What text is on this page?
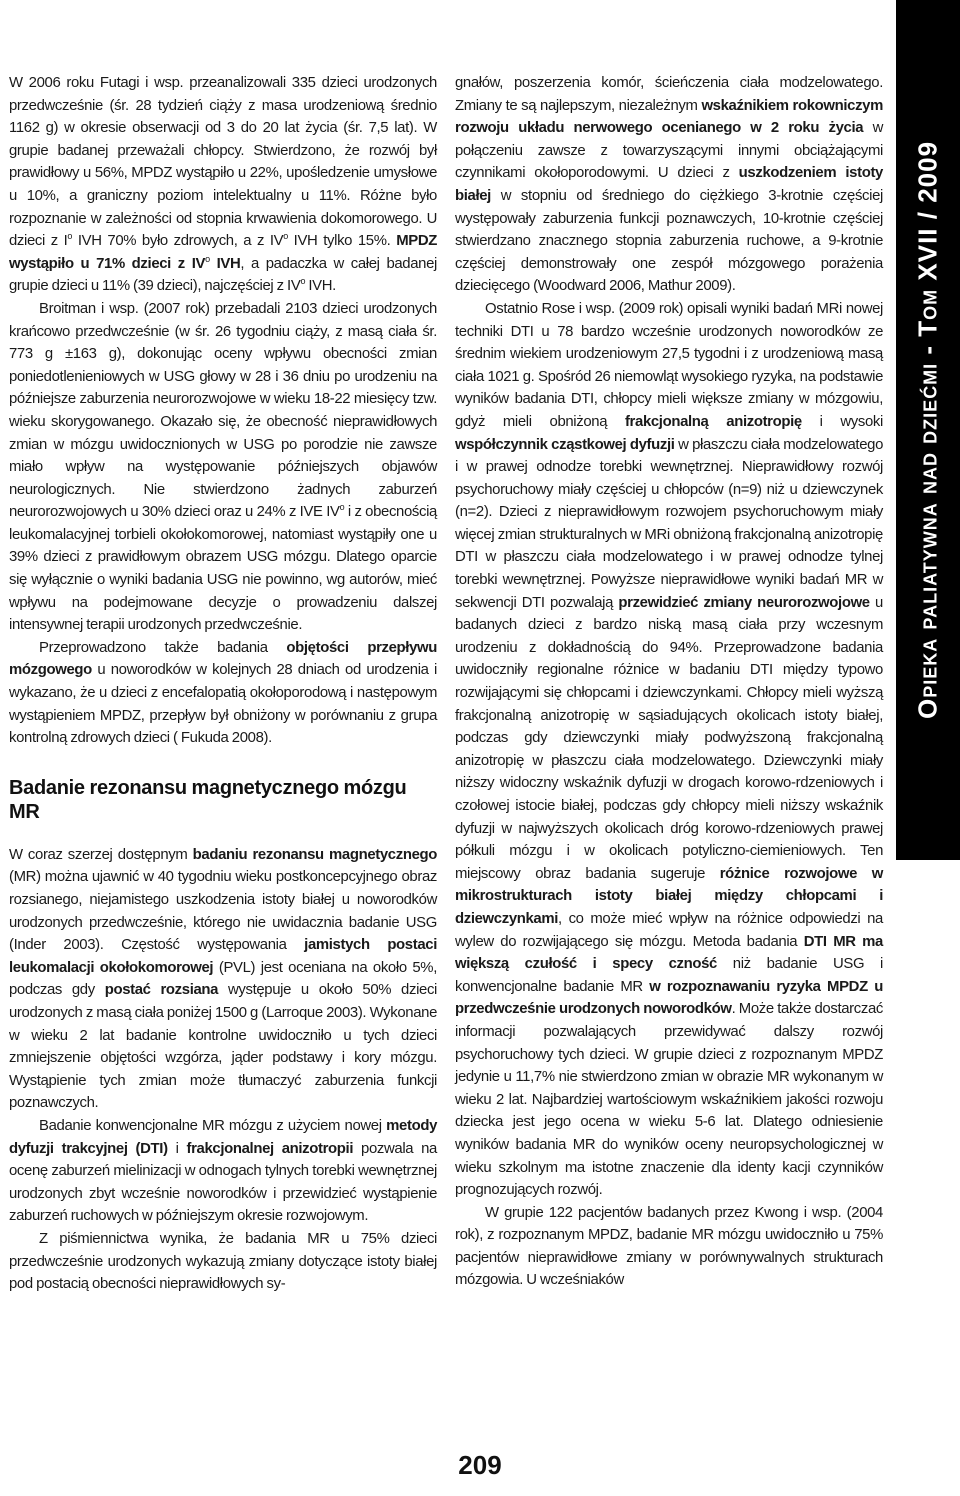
W 2006 roku Futagi i wsp. przeanalizowali 335 dzieci urodzonych przedwcześnie (śr. 28 tydzień ciąży z masa urodzeniową średnio 1162 g) w okresie obserwacji od 3 do 20 lat życia (śr. 7,5 lat). W grupie badanej przeważali chłopcy. Stwierdzono, że rozwój był prawidłowy u 56%, MPDZ wystąpiło u 22%, upośledzenie umysłowe u 10%, a graniczny poziom intelektualny u 11%. Różne było rozpoznanie w zależności od stopnia krwawienia dokomorowego. U dzieci z $I^o$ IVH 70% było zdrowych, a z $IV^o$ IVH tylko 15%. MPDZ wystąpiło u 71% dzieci z $IV^o$ IVH, a padaczka w całej badanej grupie dzieci u 11% (39 dzieci), najczęściej z $IV^o$ IVH.

Broitman i wsp. (2007 rok) przebadali 2103 dzieci urodzonych krańcowo przedwcześnie (w śr. 26 tygodniu ciąży, z masą ciała śr. 773 g ±163 g), dokonując oceny wpływu obecności zmian poniedotlenieniowych w USG głowy w 28 i 36 dniu po urodzeniu na późniejsze zaburzenia neurorozwojowe w wieku 18-22 miesięcy tzw. wieku skorygowanego. Okazało się, że obecność nieprawidłowych zmian w mózgu uwidocznionych w USG po porodzie nie zawsze miało wpływ na występowanie późniejszych objawów neurologicznych. Nie stwierdzono żadnych zaburzeń neurorozwojowych u 30% dzieci oraz u 24% z IVE $IV^o$ i z obecnością leukomalacyjnej torbieli okołokomorowej, natomiast wystąpiły one u 39% dzieci z prawidłowym obrazem USG mózgu. Dlatego oparcie się wyłącznie o wyniki badania USG nie powinno, wg autorów, mieć wpływu na podejmowane decyzje o prowadzeniu dalszej intensywnej terapii urodzonych przedwcześnie.

Przeprowadzono także badania objętości przepływu mózgowego u noworodków w kolejnych 28 dniach od urodzenia i wykazano, że u dzieci z encefalopatią okołoporodową i następowym wystąpieniem MPDZ, przepływ był obniżony w porównaniu z grupa kontrolną zdrowych dzieci ( Fukuda 2008).

Badanie rezonansu magnetycznego mózgu MR

W coraz szerzej dostępnym badaniu rezonansu magnetycznego (MR) można ujawnić w 40 tygodniu wieku postkoncepcyjnego obraz rozsianego, niejamistego uszkodzenia istoty białej u noworodków urodzonych przedwcześnie, którego nie uwidacznia badanie USG (Inder 2003). Częstość występowania jamistych postaci leukomalacji okołokomorowej (PVL) jest oceniana na około 5%, podczas gdy postać rozsiana występuje u około 50% dzieci urodzonych z masą ciała poniżej 1500 g (Larroque 2003). Wykonane w wieku 2 lat badanie kontrolne uwidoczniło u tych dzieci zmniejszenie objętości wzgórza, jąder podstawy i kory mózgu. Wystąpienie tych zmian może tłumaczyć zaburzenia funkcji poznawczych.

Badanie konwencjonalne MR mózgu z użyciem nowej metody dyfuzji trakcyjnej (DTI) i frakcjonalnej anizotropii pozwala na ocenę zaburzeń mielinizacji w odnogach tylnych torebki wewnętrznej urodzonych zbyt wcześnie noworodków i przewidzieć wystąpienie zaburzeń ruchowych w późniejszym okresie rozwojowym.

Z piśmiennictwa wynika, że badania MR u 75% dzieci przedwcześnie urodzonych wykazują zmiany dotyczące istoty białej pod postacią obecności nieprawidłowych sy-

gnałów, poszerzenia komór, ścieńczenia ciała modzelowatego. Zmiany te są najlepszym, niezależnym wskaźnikiem rokowniczym rozwoju układu nerwowego ocenianego w 2 roku życia w połączeniu zawsze z towarzyszącymi innymi obciążającymi czynnikami okołoporodowymi. U dzieci z uszkodzeniem istoty białej w stopniu od średniego do ciężkiego 3-krotnie częściej występowały zaburzenia funkcji poznawczych, 10-krotnie częściej stwierdzano znacznego stopnia zaburzenia ruchowe, a 9-krotnie częściej demonstrowały one zespół mózgowego porażenia dziecięcego (Woodward 2006, Mathur 2009).

Ostatnio Rose i wsp. (2009 rok) opisali wyniki badań MRi nowej techniki DTI u 78 bardzo wcześnie urodzonych noworodków ze średnim wiekiem urodzeniowym 27,5 tygodni i z urodzeniową masą ciała 1021 g. Spośród 26 niemowląt wysokiego ryzyka, na podstawie wyników badania DTI, chłopcy mieli większe zmiany w mózgowiu, gdyż mieli obniżoną frakcjonalną anizotropię i wysoki współczynnik cząstkowej dyfuzji w płaszczu ciała modzelowatego i w prawej odnodze torebki wewnętrznej. Nieprawidłowy rozwój psychoruchowy miały częściej u chłopców (n=9) niż u dziewczynek (n=2). Dzieci z nieprawidłowym rozwojem psychoruchowym miały więcej zmian strukturalnych w MRi obniżoną frakcjonalną anizotropię DTI w płaszczu ciała modzelowatego i w prawej odnodze tylnej torebki wewnętrznej. Powyższe nieprawidłowe wyniki badań MR w sekwencji DTI pozwalają przewidzieć zmiany neurorozwojowe u badanych dzieci z bardzo niską masą ciała przy wczesnym urodzeniu z dokładnością do 94%. Przeprowadzone badania uwidoczniły regionalne różnice w badaniu DTI między typowo rozwijającymi się chłopcami i dziewczynkami. Chłopcy mieli wyższą frakcjonalną anizotropię w sąsiadujących okolicach istoty białej, podczas gdy dziewczynki miały podwyższoną frakcjonalną anizotropię w płaszczu ciała modzelowatego. Dziewczynki miały niższy widoczny wskaźnik dyfuzji w drogach korowo-rdzeniowych i czołowej istocie białej, podczas gdy chłopcy mieli niższy wskaźnik dyfuzji w najwyższych okolicach dróg korowo-rdzeniowych prawej półkuli mózgu i w okolicach potyliczno-ciemieniowych. Ten miejscowy obraz badania sugeruje różnice rozwojowe w mikrostrukturach istoty białej między chłopcami i dziewczynkami, co może mieć wpływ na różnice odpowiedzi na wylew do rozwijającego się mózgu. Metoda badania DTI MR ma większą czułość i specy czność niż badanie USG i konwencjonalne badanie MR w rozpoznawaniu ryzyka MPDZ u przedwcześnie urodzonych noworodków. Może także dostarczać informacji pozwalających przewidywać dalszy rozwój psychoruchowy tych dzieci. W grupie dzieci z rozpoznanym MPDZ jedynie u 11,7% nie stwierdzono zmian w obrazie MR wykonanym w wieku 2 lat. Najbardziej wartościowym wskaźnikiem jakości rozwoju dziecka jest jego ocena w wieku 5-6 lat. Dlatego odniesienie wyników badania MR do wyników oceny neuropsychologicznej w wieku szkolnym ma istotne znaczenie dla identy kacji czynników prognozujących rozwój.

W grupie 122 pacjentów badanych przez Kwong i wsp. (2004 rok), z rozpoznanym MPDZ, badanie MR mózgu uwidoczniło u 75% pacjentów nieprawidłowe zmiany w porównywalnych strukturach mózgowia. U wcześniaków

Opieka paliatywna nad dziećmi - Tom XVII / 2009
209
